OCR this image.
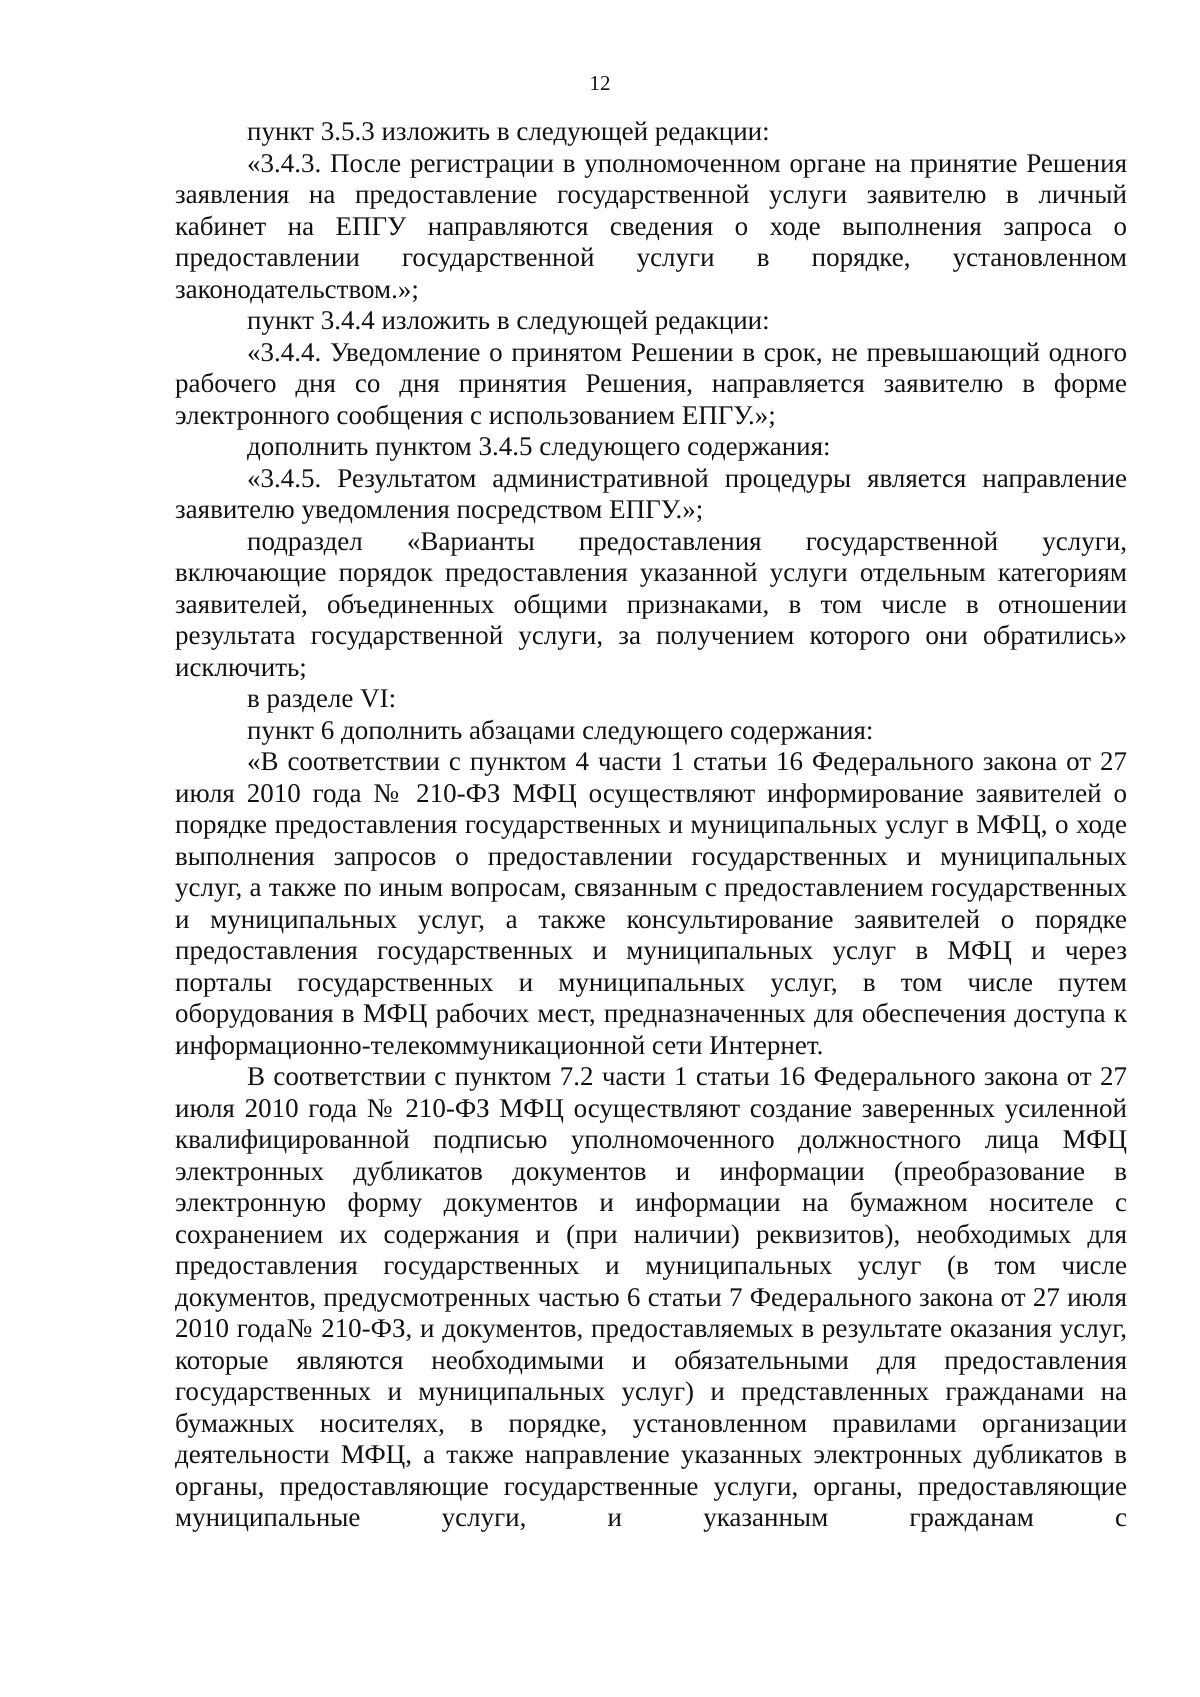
12

пункт 3.5.3 изложить в следующей редакции:

«3.4.3. После регистрации в уполномоченном органе на принятие Решения заявления на предоставление государственной услуги заявителю в личный кабинет на ЕПГУ направляются сведения о ходе выполнения запроса о предоставлении государственной услуги в порядке, установленном законодательством.»;

пункт 3.4.4 изложить в следующей редакции:

«3.4.4. Уведомление о принятом Решении в срок, не превышающий одного рабочего дня со дня принятия Решения, направляется заявителю в форме электронного сообщения с использованием ЕПГУ.»;

дополнить пунктом 3.4.5 следующего содержания:

«3.4.5. Результатом административной процедуры является направление заявителю уведомления посредством ЕПГУ.»;

подраздел «Варианты предоставления государственной услуги, включающие порядок предоставления указанной услуги отдельным категориям заявителей, объединенных общими признаками, в том числе в отношении результата государственной услуги, за получением которого они обратились» исключить;

в разделе VI:

пункт 6 дополнить абзацами следующего содержания:

«В соответствии с пунктом 4 части 1 статьи 16 Федерального закона от 27 июля 2010 года № 210-ФЗ МФЦ осуществляют информирование заявителей о порядке предоставления государственных и муниципальных услуг в МФЦ, о ходе выполнения запросов о предоставлении государственных и муниципальных услуг, а также по иным вопросам, связанным с предоставлением государственных и муниципальных услуг, а также консультирование заявителей о порядке предоставления государственных и муниципальных услуг в МФЦ и через порталы государственных и муниципальных услуг, в том числе путем оборудования в МФЦ рабочих мест, предназначенных для обеспечения доступа к информационно-телекоммуникационной сети Интернет.

В соответствии с пунктом 7.2 части 1 статьи 16 Федерального закона от 27 июля 2010 года № 210-ФЗ МФЦ осуществляют создание заверенных усиленной квалифицированной подписью уполномоченного должностного лица МФЦ электронных дубликатов документов и информации (преобразование в электронную форму документов и информации на бумажном носителе с сохранением их содержания и (при наличии) реквизитов), необходимых для предоставления государственных и муниципальных услуг (в том числе документов, предусмотренных частью 6 статьи 7 Федерального закона от 27 июля 2010 года№ 210-ФЗ, и документов, предоставляемых в результате оказания услуг, которые являются необходимыми и обязательными для предоставления государственных и муниципальных услуг) и представленных гражданами на бумажных носителях, в порядке, установленном правилами организации деятельности МФЦ, а также направление указанных электронных дубликатов в органы, предоставляющие государственные услуги, органы, предоставляющие муниципальные услуги, и указанным гражданам с
